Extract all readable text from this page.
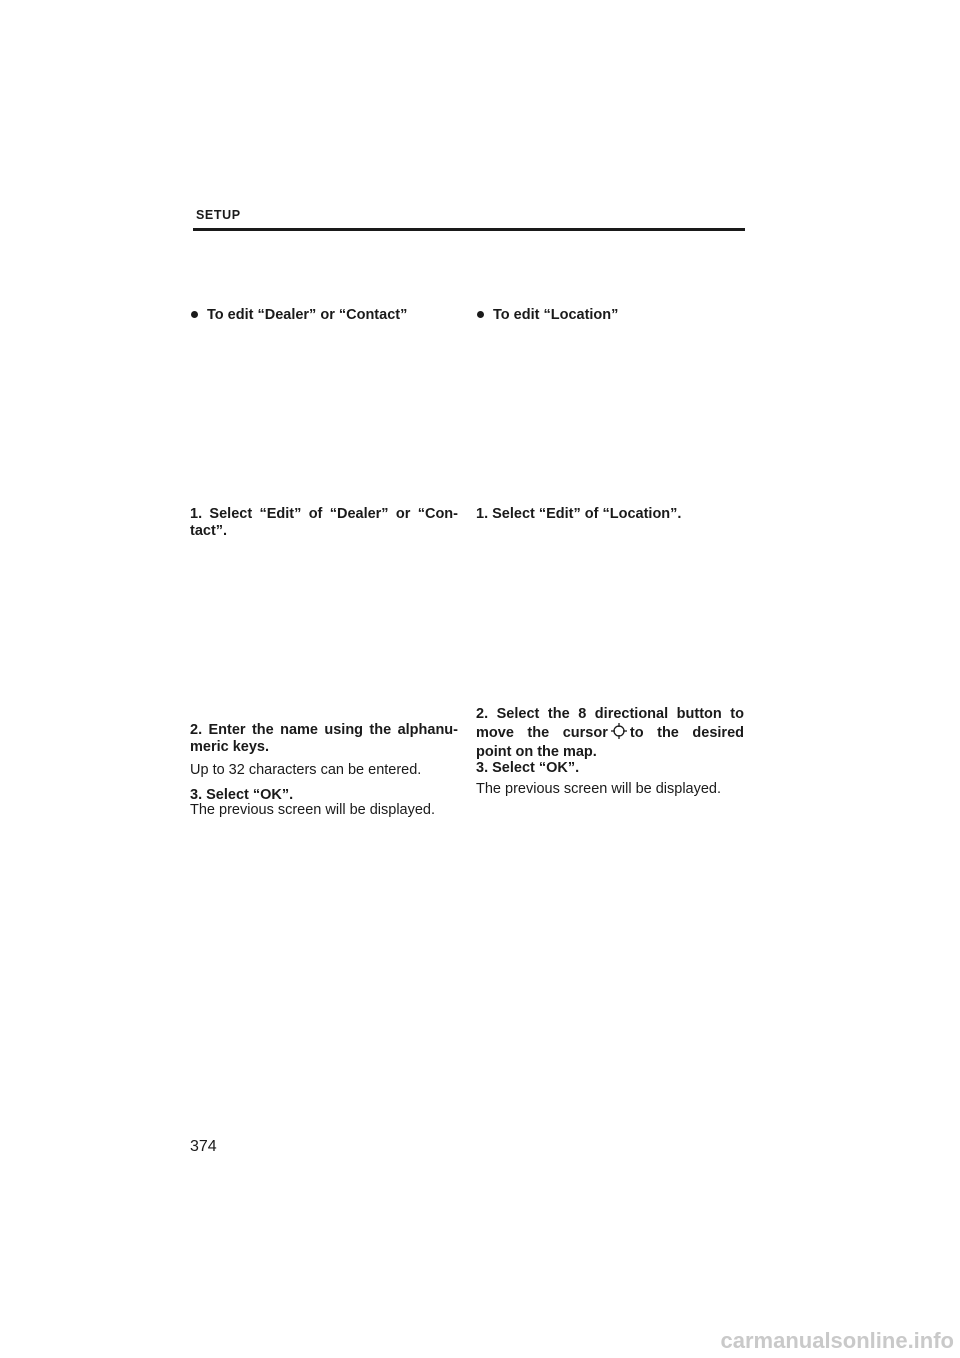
SETUP
To edit “Dealer” or “Contact”
1. Select “Edit” of “Dealer” or “Con- tact”.
2. Enter the name using the alphanu- meric keys.
Up to 32 characters can be entered.
3. Select “OK”.
The previous screen will be displayed.
To edit “Location”
1. Select “Edit” of “Location”.
2. Select the 8 directional button to move the cursor to the desired point on the map.
3. Select “OK”.
The previous screen will be displayed.
374
carmanualsonline.info
